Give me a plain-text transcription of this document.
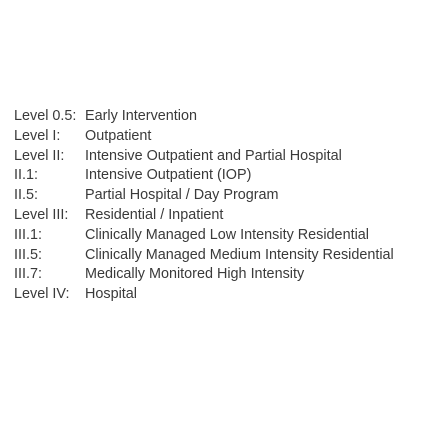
Level 0.5: Early Intervention
Level I:	Outpatient
Level II:	Intensive Outpatient and Partial Hospital
II.1:	Intensive Outpatient (IOP)
II.5:	Partial Hospital / Day Program
Level III:	Residential / Inpatient
III.1:	Clinically Managed Low Intensity Residential
III.5:	Clinically Managed Medium Intensity Residential
III.7:	Medically Monitored High Intensity
Level IV:	Hospital
